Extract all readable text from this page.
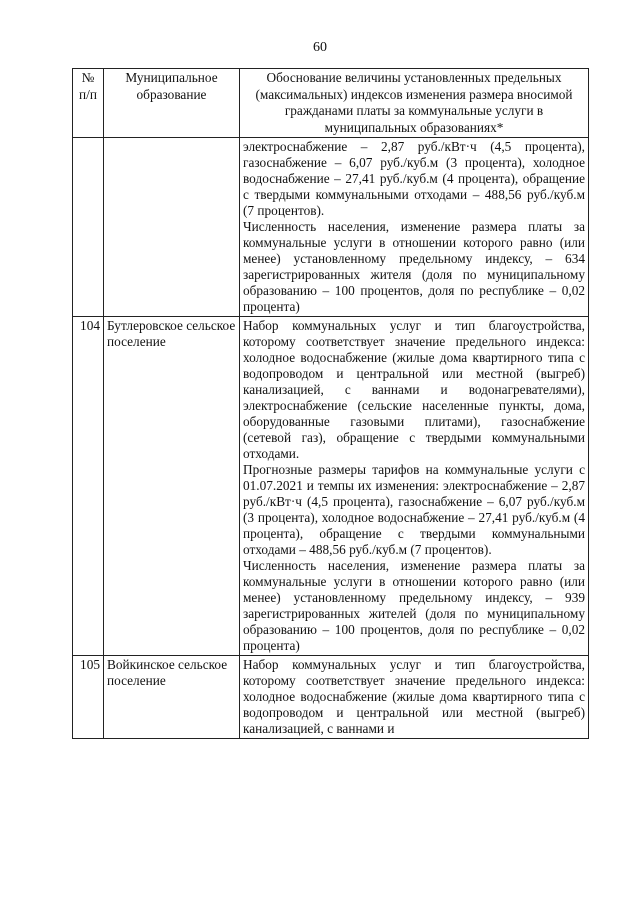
60
№ п/п	Муниципальное образование	Обоснование величины установленных предельных (максимальных) индексов изменения размера вносимой гражданами платы за коммунальные услуги в муниципальных образованиях*

		электроснабжение – 2,87 руб./кВт·ч (4,5 процента), газоснабжение – 6,07 руб./куб.м (3 процента), холодное водоснабжение – 27,41 руб./куб.м (4 процента), обращение с твердыми коммунальными отходами – 488,56 руб./куб.м (7 процентов).

Численность населения, изменение размера платы за коммунальные услуги в отношении которого равно (или менее) установленному предельному индексу, – 634 зарегистрированных жителя (доля по муниципальному образованию – 100 процентов, доля по республике – 0,02 процента)

104	Бутлеровское сельское поселение	Набор коммунальных услуг и тип благоустройства, которому соответствует значение предельного индекса: холодное водоснабжение (жилые дома квартирного типа с водопроводом и центральной или местной (выгреб) канализацией, с ваннами и водонагревателями), электроснабжение (сельские населенные пункты, дома, оборудованные газовыми плитами), газоснабжение (сетевой газ), обращение с твердыми коммунальными отходами.

Прогнозные размеры тарифов на коммунальные услуги с 01.07.2021 и темпы их изменения: электроснабжение – 2,87 руб./кВт·ч (4,5 процента), газоснабжение – 6,07 руб./куб.м (3 процента), холодное водоснабжение – 27,41 руб./куб.м (4 процента), обращение с твердыми коммунальными отходами – 488,56 руб./куб.м (7 процентов).

Численность населения, изменение размера платы за коммунальные услуги в отношении которого равно (или менее) установленному предельному индексу, – 939 зарегистрированных жителей (доля по муниципальному образованию – 100 процентов, доля по республике – 0,02 процента)

105	Войкинское сельское поселение	Набор коммунальных услуг и тип благоустройства, которому соответствует значение предельного индекса: холодное водоснабжение (жилые дома квартирного типа с водопроводом и центральной или местной (выгреб) канализацией, с ваннами и
